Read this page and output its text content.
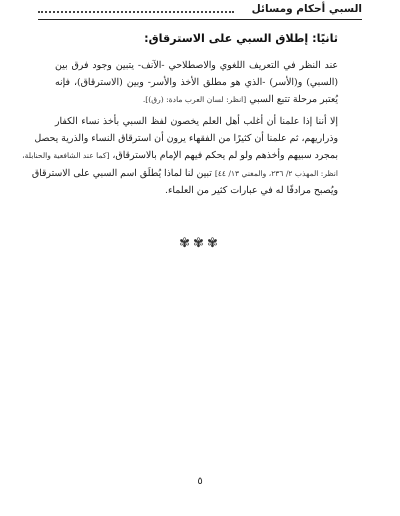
السبي أحكام ومسائل
ثانيًا: إطلاق السبي على الاسترقاق:
عند النظر في التعريف اللغوي والاصطلاحي -الآنف- يتبين وجود فرق بين
(السبي) و(الأسر) -الذي هو مطلق الأخذ والأسر- وبين (الاسترقاق)، فإنه
يُعتبر مرحلة تتبع السبي [انظر: لسان العرب مادة: (رق)].
إلا أننا إذا علمنا أن أغلب أهل العلم يخصون لفظ السبي بأخذ نساء الكفار
وذراريهم، ثم علمنا أن كثيرًا من الفقهاء يرون أن استرقاق النساء والذرية يحصل
بمجرد سبيهم وأخذهم ولو لم يحكم فيهم الإمام بالاسترقاق، [كما عند الشافعية والحنابلة،
انظر: المهذب ٢/ ٢٣٦، والمغني ١٣/ ٤٤] تبين لنا لماذا يُطلَق اسم السبي على الاسترقاق
ويُصبح مرادفًا له في عبارات كثير من العلماء.
✾✾✾
٥
